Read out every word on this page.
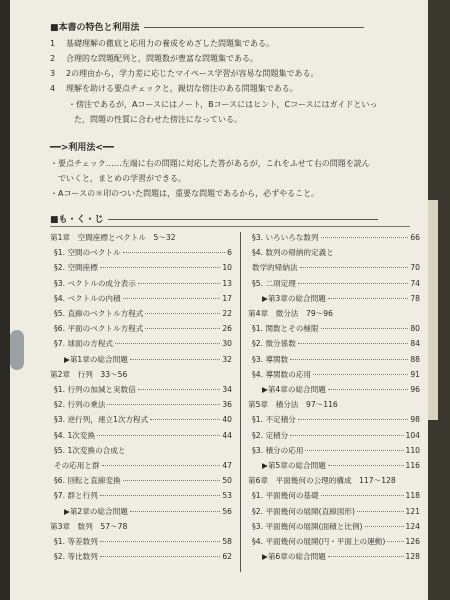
■本書の特色と利用法
1 基礎理解の徹底と応用力の養成をめざした問題集である。
2 合理的な問題配列と，問題数が豊富な問題集である。
3 2の理由から，学力差に応じたマイペース学習が容易な問題集である。
4 理解を助ける要点チェックと，親切な傍注のある問題集である。
・傍注であるが，Aコースにはノート，Bコースにはヒント，Cコースにはガイドといっ
た，問題の性質に合わせた傍注になっている。
━━>利用法<━━
・要点チェック……左端に右の問題に対応した答があるが，これをふせて右の問題を読ん
でいくと，まとめの学習ができる。
・Aコースの＊印のついた問題は，重要な問題であるから，必ずやること。
■も・く・じ
第1章　空間座標とベクトル　5〜32
§1. 空間のベクトル	6
§2. 空間座標	10
§3. ベクトルの成分表示	13
§4. ベクトルの内積	17
§5. 直線のベクトル方程式	22
§6. 平面のベクトル方程式	26
§7. 球面の方程式	30
▶第1章の総合問題	32
第2章　行列　33〜56
§1. 行列の加減と実数倍	34
§2. 行列の乗法	36
§3. 逆行列，連立1次方程式	40
§4. 1次変換	44
§5. 1次変換の合成と
その応用と群	47
§6. 回転と直線変換	50
§7. 群と行列	53
▶第2章の総合問題	56
第3章　数列　57〜78
§1. 等差数列	58
§2. 等比数列	62
§3. いろいろな数列	66
§4. 数列の帰納的定義と
数学的帰納法	70
§5. 二項定理	74
▶第3章の総合問題	78
第4章　微分法　79〜96
§1. 関数とその極限	80
§2. 微分係数	84
§3. 導関数	88
§4. 導関数の応用	91
▶第4章の総合問題	96
第5章　積分法　97〜116
§1. 不定積分	98
§2. 定積分	104
§3. 積分の応用	110
▶第5章の総合問題	116
第6章　平面幾何の公理的構成　117〜128
§1. 平面幾何の基礎	118
§2. 平面幾何の展開(直線図形)	121
§3. 平面幾何の展開(面積と比例)	124
§4. 平面幾何の展開(円・平面上の運動)	126
▶第6章の総合問題	128
